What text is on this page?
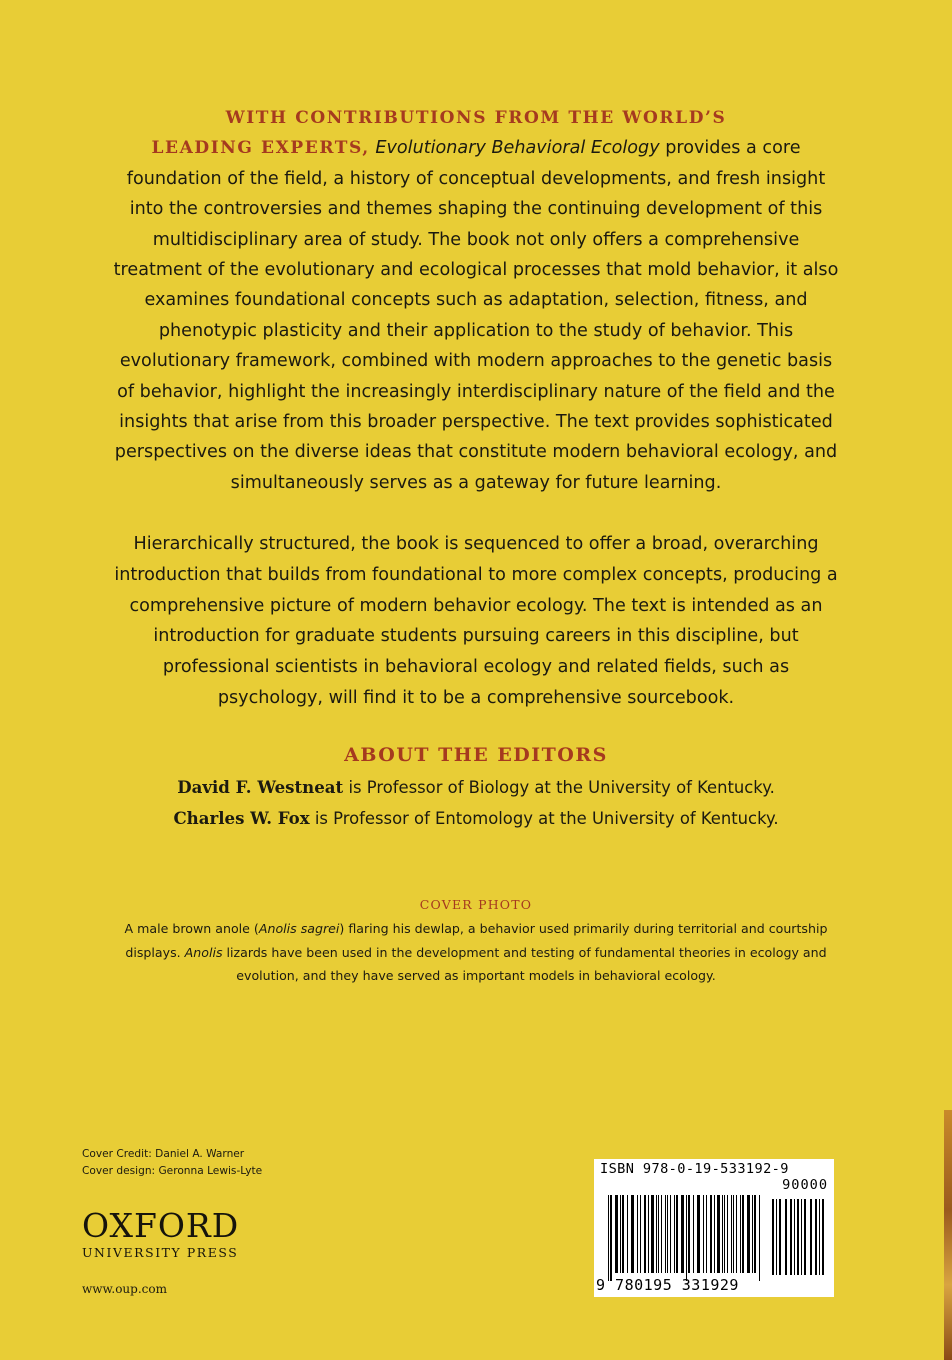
WITH CONTRIBUTIONS FROM THE WORLD’S
LEADING EXPERTS, Evolutionary Behavioral Ecology provides a core foundation of the field, a history of conceptual developments, and fresh insight into the controversies and themes shaping the continuing development of this multidisciplinary area of study. The book not only offers a comprehensive treatment of the evolutionary and ecological processes that mold behavior, it also examines foundational concepts such as adaptation, selection, fitness, and phenotypic plasticity and their application to the study of behavior. This evolutionary framework, combined with modern approaches to the genetic basis of behavior, highlight the increasingly interdisciplinary nature of the field and the insights that arise from this broader perspective. The text provides sophisticated perspectives on the diverse ideas that constitute modern behavioral ecology, and simultaneously serves as a gateway for future learning.

Hierarchically structured, the book is sequenced to offer a broad, overarching introduction that builds from foundational to more complex concepts, producing a comprehensive picture of modern behavior ecology. The text is intended as an introduction for graduate students pursuing careers in this discipline, but professional scientists in behavioral ecology and related fields, such as psychology, will find it to be a comprehensive sourcebook.

ABOUT THE EDITORS
David F. Westneat is Professor of Biology at the University of Kentucky.
Charles W. Fox is Professor of Entomology at the University of Kentucky.
COVER PHOTO

A male brown anole (Anolis sagrei) flaring his dewlap, a behavior used primarily during territorial and courtship displays. Anolis lizards have been used in the development and testing of fundamental theories in ecology and evolution, and they have served as important models in behavioral ecology.

Cover Credit: Daniel A. Warner
Cover design: Geronna Lewis-Lyte
OXFORD
UNIVERSITY PRESS
www.oup.com
ISBN 978-0-19-533192-9
90000
9 780195 331929
